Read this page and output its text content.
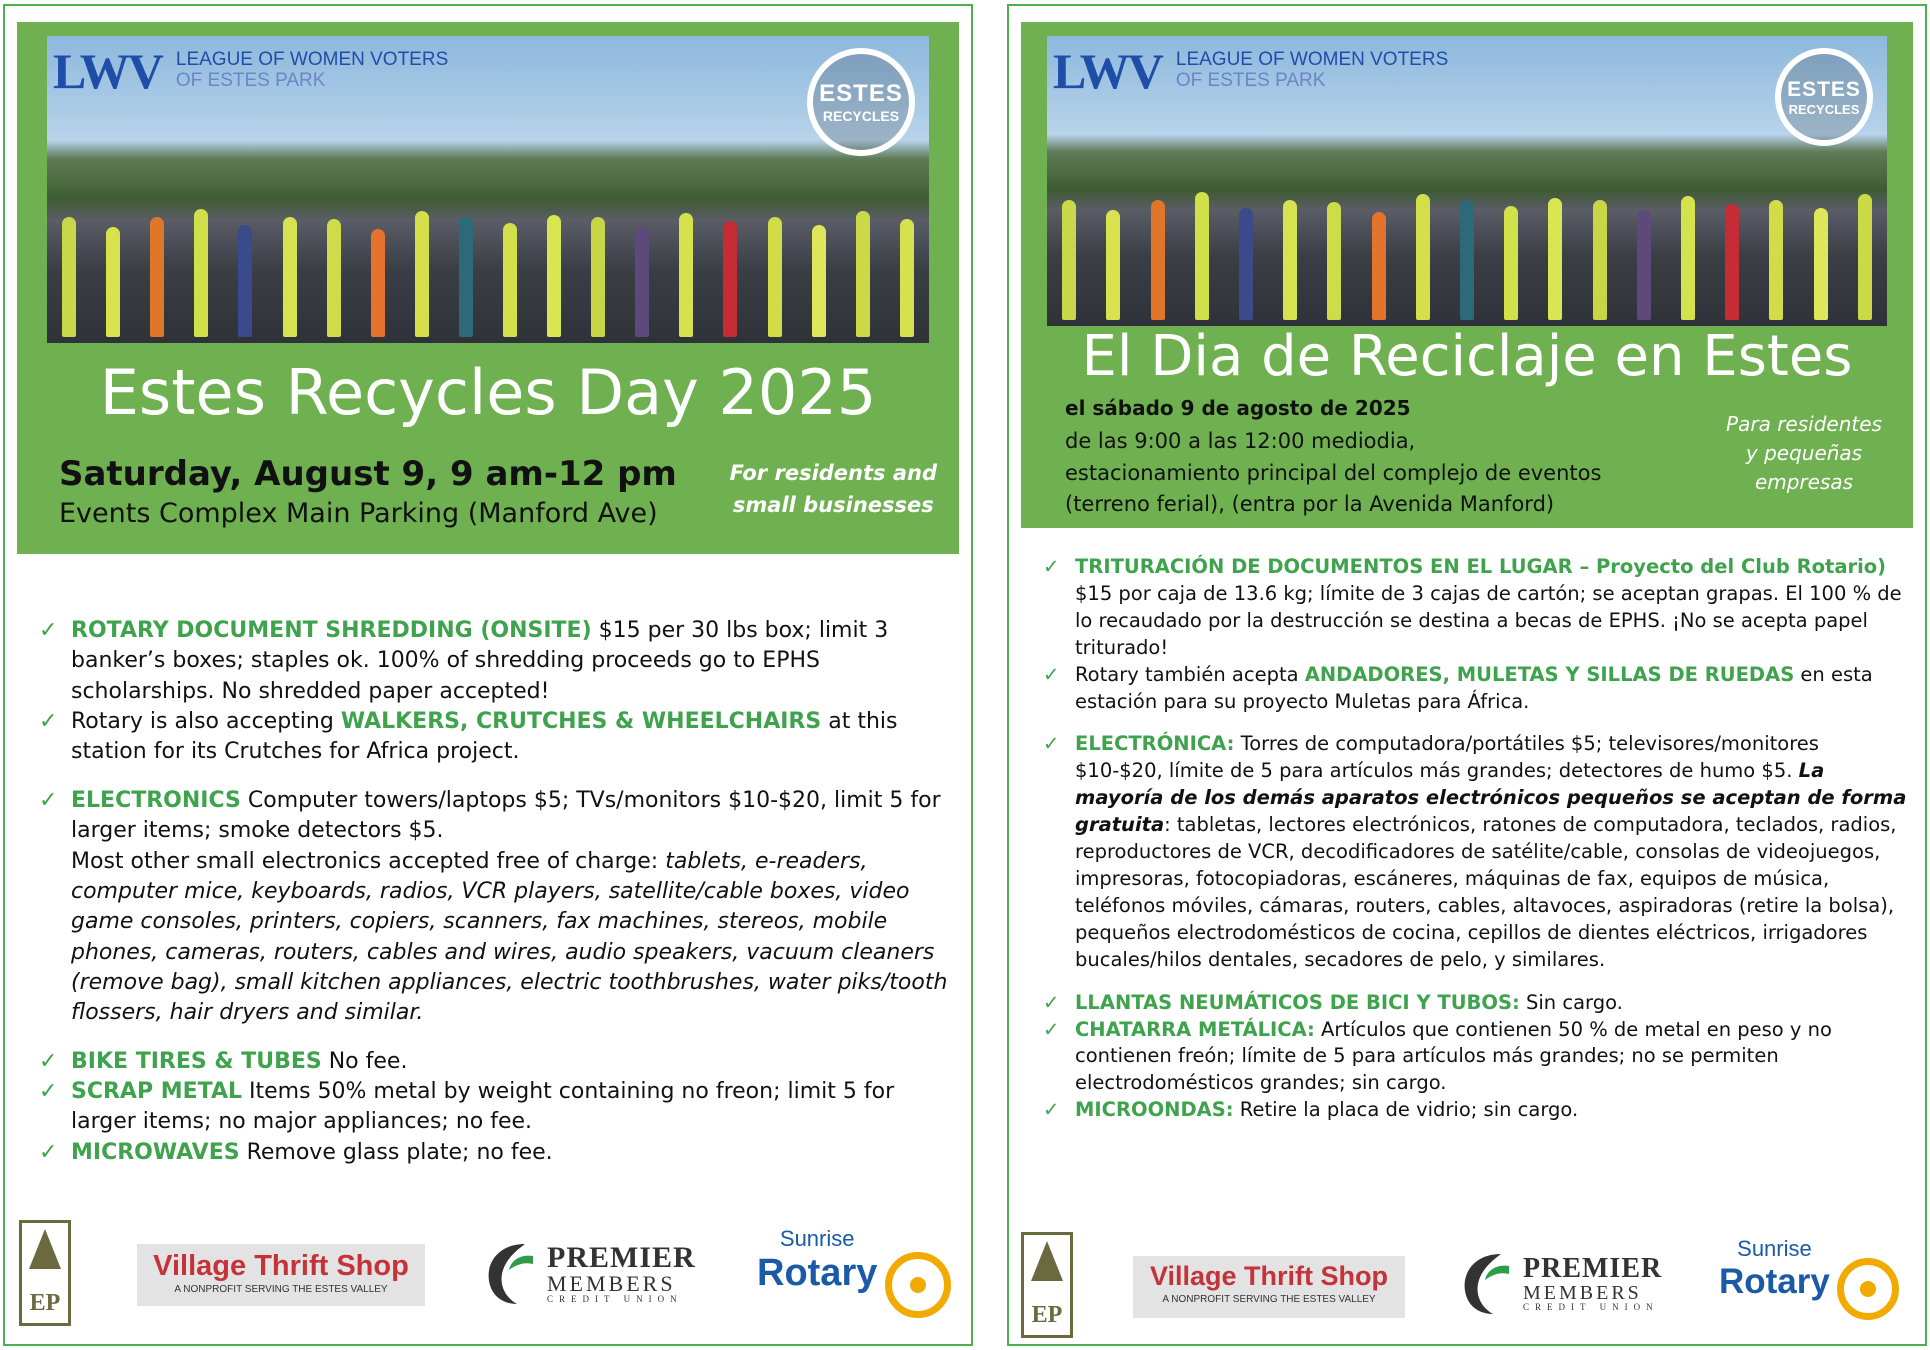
LWV LEAGUE OF WOMEN VOTERS
OF ESTES PARK	ESTES
RECYCLES
Estes Recycles Day 2025
Saturday, August 9, 9 am-12 pm
Events Complex Main Parking (Manford Ave)
For residents and
small businesses
✓ ROTARY DOCUMENT SHREDDING (ONSITE) $15 per 30 lbs box; limit 3 banker’s boxes; staples ok. 100% of shredding proceeds go to EPHS scholarships. No shredded paper accepted!
✓ Rotary is also accepting WALKERS, CRUTCHES & WHEELCHAIRS at this station for its Crutches for Africa project.
✓ ELECTRONICS Computer towers/laptops $5; TVs/monitors $10-$20, limit 5 for larger items; smoke detectors $5.
Most other small electronics accepted free of charge: tablets, e-readers, computer mice, keyboards, radios, VCR players, satellite/cable boxes, video game consoles, printers, copiers, scanners, fax machines, stereos, mobile phones, cameras, routers, cables and wires, audio speakers, vacuum cleaners (remove bag), small kitchen appliances, electric toothbrushes, water piks/tooth flossers, hair dryers and similar.
✓ BIKE TIRES & TUBES No fee.
✓ SCRAP METAL Items 50% metal by weight containing no freon; limit 5 for larger items; no major appliances; no fee.
✓ MICROWAVES Remove glass plate; no fee.
EP
Village Thrift Shop
A NONPROFIT SERVING THE ESTES VALLEY
PREMIER
MEMBERS
CREDIT UNION
Sunrise
Rotary
LWV LEAGUE OF WOMEN VOTERS
OF ESTES PARK	ESTES
RECYCLES
El Dia de Reciclaje en Estes
el sábado 9 de agosto de 2025
de las 9:00 a las 12:00 mediodia,
estacionamiento principal del complejo de eventos
(terreno ferial), (entra por la Avenida Manford)
Para residentes
y pequeñas
empresas
✓ TRITURACIÓN DE DOCUMENTOS EN EL LUGAR – Proyecto del Club Rotario) $15 por caja de 13.6 kg; límite de 3 cajas de cartón; se aceptan grapas. El 100 % de lo recaudado por la destrucción se destina a becas de EPHS. ¡No se acepta papel triturado!
✓ Rotary también acepta ANDADORES, MULETAS Y SILLAS DE RUEDAS en esta estación para su proyecto Muletas para África.
✓ ELECTRÓNICA: Torres de computadora/portátiles $5; televisores/monitores $10-$20, límite de 5 para artículos más grandes; detectores de humo $5. La mayoría de los demás aparatos electrónicos pequeños se aceptan de forma gratuita: tabletas, lectores electrónicos, ratones de computadora, teclados, radios, reproductores de VCR, decodificadores de satélite/cable, consolas de videojuegos, impresoras, fotocopiadoras, escáneres, máquinas de fax, equipos de música, teléfonos móviles, cámaras, routers, cables, altavoces, aspiradoras (retire la bolsa), pequeños electrodomésticos de cocina, cepillos de dientes eléctricos, irrigadores bucales/hilos dentales, secadores de pelo, y similares.
✓ LLANTAS NEUMÁTICOS DE BICI Y TUBOS: Sin cargo.
✓ CHATARRA METÁLICA: Artículos que contienen 50 % de metal en peso y no contienen freón; límite de 5 para artículos más grandes; no se permiten electrodomésticos grandes; sin cargo.
✓ MICROONDAS: Retire la placa de vidrio; sin cargo.
EP
Village Thrift Shop
A NONPROFIT SERVING THE ESTES VALLEY
PREMIER
MEMBERS
CREDIT UNION
Sunrise
Rotary
